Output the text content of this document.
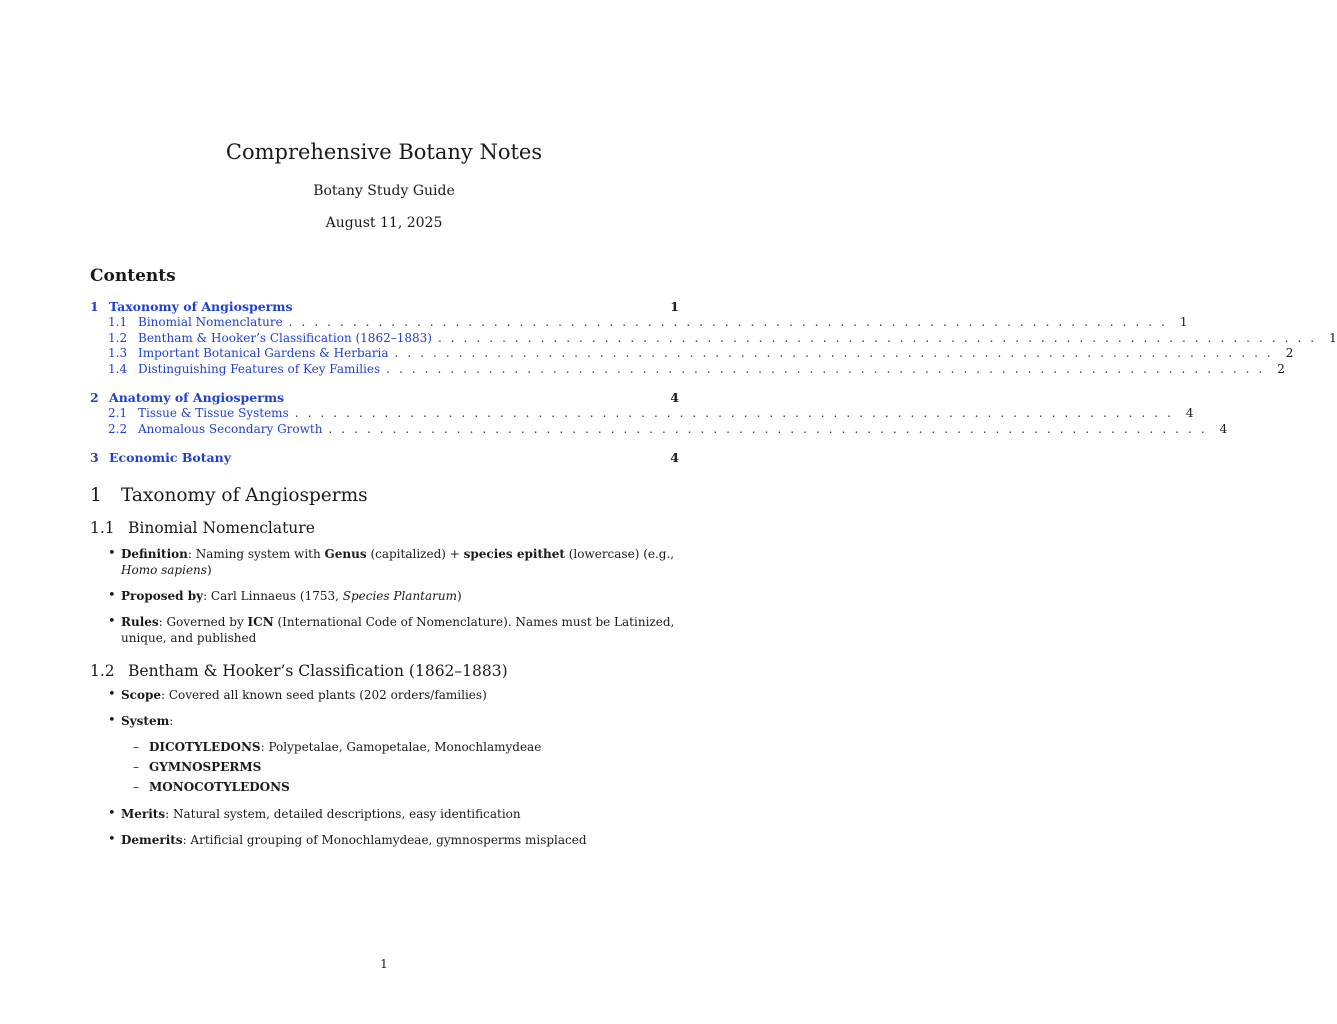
Comprehensive Botany Notes
Botany Study Guide
August 11, 2025
Contents
1 Taxonomy of Angiosperms	1
1.1 Binomial Nomenclature . . . . . . . . . . . . . . . . . . . . . . . . . . . . . . . . . . . . . . . . . . . . . . . . . . . . . . . . . . . . . . . . . . . . .	1
1.2 Bentham & Hooker’s Classification (1862–1883) . . . . . . . . . . . . . . . . . . . . . . . . . . . . . . . . . . . . . . . . . . . . . . . . . . . . . . . . . . . . . . . . . . . . .	1
1.3 Important Botanical Gardens & Herbaria . . . . . . . . . . . . . . . . . . . . . . . . . . . . . . . . . . . . . . . . . . . . . . . . . . . . . . . . . . . . . . . . . . . . .	2
1.4 Distinguishing Features of Key Families . . . . . . . . . . . . . . . . . . . . . . . . . . . . . . . . . . . . . . . . . . . . . . . . . . . . . . . . . . . . . . . . . . . . .	2
2 Anatomy of Angiosperms	4
2.1 Tissue & Tissue Systems . . . . . . . . . . . . . . . . . . . . . . . . . . . . . . . . . . . . . . . . . . . . . . . . . . . . . . . . . . . . . . . . . . . . .	4
2.2 Anomalous Secondary Growth . . . . . . . . . . . . . . . . . . . . . . . . . . . . . . . . . . . . . . . . . . . . . . . . . . . . . . . . . . . . . . . . . . . . .	4
3 Economic Botany	4
1	Taxonomy of Angiosperms
1.1 Binomial Nomenclature
• Definition: Naming system with Genus (capitalized) + species epithet (lowercase) (e.g., Homo sapiens)
• Proposed by: Carl Linnaeus (1753, Species Plantarum)
• Rules: Governed by ICN (International Code of Nomenclature). Names must be Latinized, unique, and published
1.2 Bentham & Hooker’s Classification (1862–1883)
• Scope: Covered all known seed plants (202 orders/families)
• System:
– DICOTYLEDONS: Polypetalae, Gamopetalae, Monochlamydeae
– GYMNOSPERMS
– MONOCOTYLEDONS
• Merits: Natural system, detailed descriptions, easy identification
• Demerits: Artificial grouping of Monochlamydeae, gymnosperms misplaced
1
